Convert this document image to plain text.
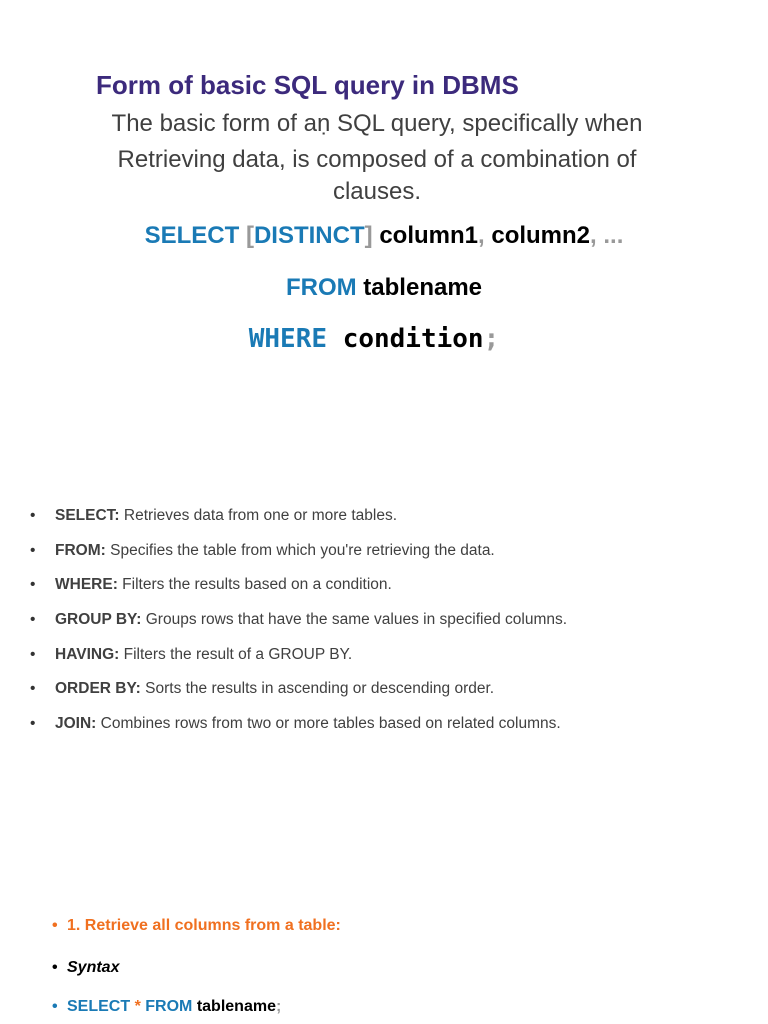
Form of basic SQL query in DBMS
The basic form of aṇ SQL query, specifically when
Retrieving data, is composed of a combination of
clauses.
SELECT [DISTINCT] column1, column2, ...
FROM tablename
WHERE condition;
• SELECT: Retrieves data from one or more tables.
• FROM: Specifies the table from which you're retrieving the data.
• WHERE: Filters the results based on a condition.
• GROUP BY: Groups rows that have the same values in specified columns.
• HAVING: Filters the result of a GROUP BY.
• ORDER BY: Sorts the results in ascending or descending order.
• JOIN: Combines rows from two or more tables based on related columns.
• 1. Retrieve all columns from a table:
• Syntax
• SELECT * FROM tablename;
